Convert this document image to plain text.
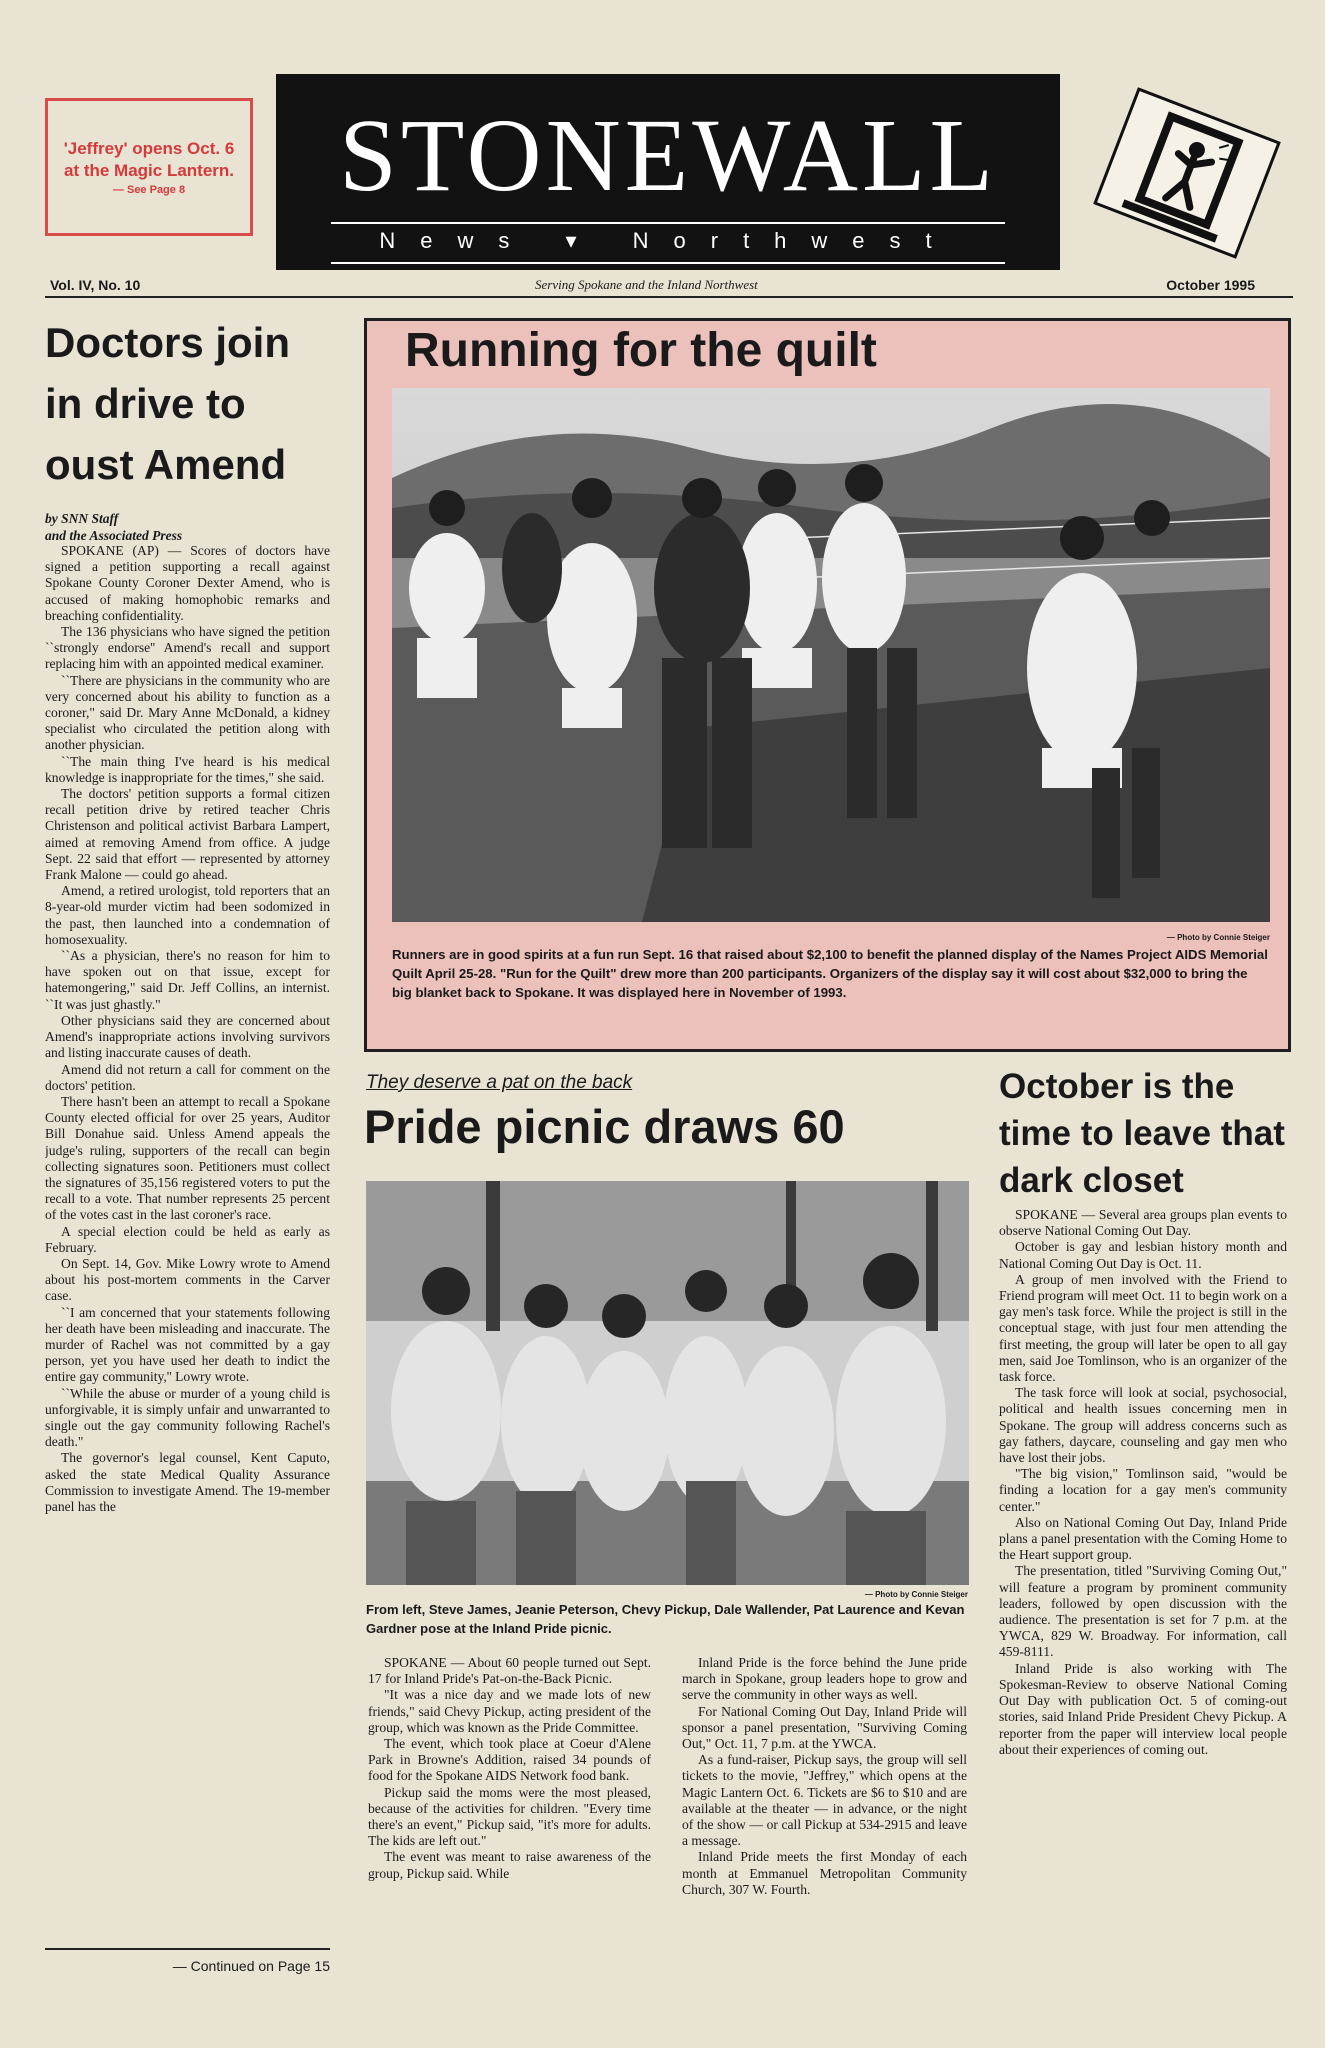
'Jeffrey' opens Oct. 6 at the Magic Lantern.
— See Page 8	STONEWALL
News ▾ Northwest
Vol. IV, No. 10	Serving Spokane and the Inland Northwest	October 1995
Doctors join in drive to oust Amend
by SNN Staff
and the Associated Press

SPOKANE (AP) — Scores of doctors have signed a petition supporting a recall against Spokane County Coroner Dexter Amend, who is accused of making homophobic remarks and breaching confidentiality.

The 136 physicians who have signed the petition ``strongly endorse'' Amend's recall and support replacing him with an appointed medical examiner.

``There are physicians in the community who are very concerned about his ability to function as a coroner," said Dr. Mary Anne McDonald, a kidney specialist who circulated the petition along with another physician.

``The main thing I've heard is his medical knowledge is inappropriate for the times," she said.

The doctors' petition supports a formal citizen recall petition drive by retired teacher Chris Christenson and political activist Barbara Lampert, aimed at removing Amend from office. A judge Sept. 22 said that effort — represented by attorney Frank Malone — could go ahead.

Amend, a retired urologist, told reporters that an 8-year-old murder victim had been sodomized in the past, then launched into a condemnation of homosexuality.

``As a physician, there's no reason for him to have spoken out on that issue, except for hatemongering," said Dr. Jeff Collins, an internist. ``It was just ghastly."

Other physicians said they are concerned about Amend's inappropriate actions involving survivors and listing inaccurate causes of death.

Amend did not return a call for comment on the doctors' petition.

There hasn't been an attempt to recall a Spokane County elected official for over 25 years, Auditor Bill Donahue said. Unless Amend appeals the judge's ruling, supporters of the recall can begin collecting signatures soon. Petitioners must collect the signatures of 35,156 registered voters to put the recall to a vote. That number represents 25 percent of the votes cast in the last coroner's race.

A special election could be held as early as February.

On Sept. 14, Gov. Mike Lowry wrote to Amend about his post-mortem comments in the Carver case.

``I am concerned that your statements following her death have been misleading and inaccurate. The murder of Rachel was not committed by a gay person, yet you have used her death to indict the entire gay community,'' Lowry wrote.

``While the abuse or murder of a young child is unforgivable, it is simply unfair and unwarranted to single out the gay community following Rachel's death."

The governor's legal counsel, Kent Caputo, asked the state Medical Quality Assurance Commission to investigate Amend. The 19-member panel has the

— Continued on Page 15
Running for the quilt
— Photo by Connie Steiger
Runners are in good spirits at a fun run Sept. 16 that raised about $2,100 to benefit the planned display of the Names Project AIDS Memorial Quilt April 25-28. "Run for the Quilt" drew more than 200 participants. Organizers of the display say it will cost about $32,000 to bring the big blanket back to Spokane. It was displayed here in November of 1993.
They deserve a pat on the back
Pride picnic draws 60
— Photo by Connie Steiger
From left, Steve James, Jeanie Peterson, Chevy Pickup, Dale Wallender, Pat Laurence and Kevan Gardner pose at the Inland Pride picnic.

SPOKANE — About 60 people turned out Sept. 17 for Inland Pride's Pat-on-the-Back Picnic.

"It was a nice day and we made lots of new friends," said Chevy Pickup, acting president of the group, which was known as the Pride Committee.

The event, which took place at Coeur d'Alene Park in Browne's Addition, raised 34 pounds of food for the Spokane AIDS Network food bank.

Pickup said the moms were the most pleased, because of the activities for children. "Every time there's an event," Pickup said, "it's more for adults. The kids are left out."

The event was meant to raise awareness of the group, Pickup said. While

Inland Pride is the force behind the June pride march in Spokane, group leaders hope to grow and serve the community in other ways as well.

For National Coming Out Day, Inland Pride will sponsor a panel presentation, "Surviving Coming Out," Oct. 11, 7 p.m. at the YWCA.

As a fund-raiser, Pickup says, the group will sell tickets to the movie, "Jeffrey," which opens at the Magic Lantern Oct. 6. Tickets are $6 to $10 and are available at the theater — in advance, or the night of the show — or call Pickup at 534-2915 and leave a message.

Inland Pride meets the first Monday of each month at Emmanuel Metropolitan Community Church, 307 W. Fourth.

October is the time to leave that dark closet

SPOKANE — Several area groups plan events to observe National Coming Out Day.

October is gay and lesbian history month and National Coming Out Day is Oct. 11.

A group of men involved with the Friend to Friend program will meet Oct. 11 to begin work on a gay men's task force. While the project is still in the conceptual stage, with just four men attending the first meeting, the group will later be open to all gay men, said Joe Tomlinson, who is an organizer of the task force.

The task force will look at social, psychosocial, political and health issues concerning men in Spokane. The group will address concerns such as gay fathers, daycare, counseling and gay men who have lost their jobs.

"The big vision," Tomlinson said, "would be finding a location for a gay men's community center."

Also on National Coming Out Day, Inland Pride plans a panel presentation with the Coming Home to the Heart support group.

The presentation, titled "Surviving Coming Out," will feature a program by prominent community leaders, followed by open discussion with the audience. The presentation is set for 7 p.m. at the YWCA, 829 W. Broadway. For information, call 459-8111.

Inland Pride is also working with The Spokesman-Review to observe National Coming Out Day with publication Oct. 5 of coming-out stories, said Inland Pride President Chevy Pickup. A reporter from the paper will interview local people about their experiences of coming out.
